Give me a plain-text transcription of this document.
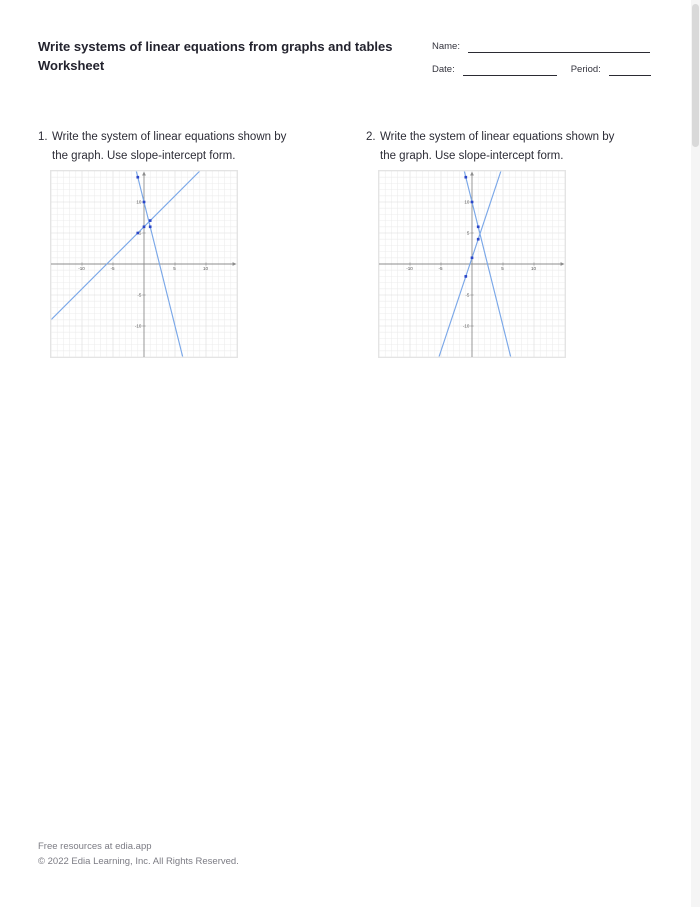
Write systems of linear equations from graphs and tables
Worksheet
Name:
Date:	Period:
1. Write the system of linear equations shown by
the graph. Use slope-intercept form.
2. Write the system of linear equations shown by
the graph. Use slope-intercept form.
-10
-10
-5
-5
5
5
10
10
-10
-10
-5
-5
5
5
10
10
Free resources at edia.app
© 2022 Edia Learning, Inc. All Rights Reserved.
